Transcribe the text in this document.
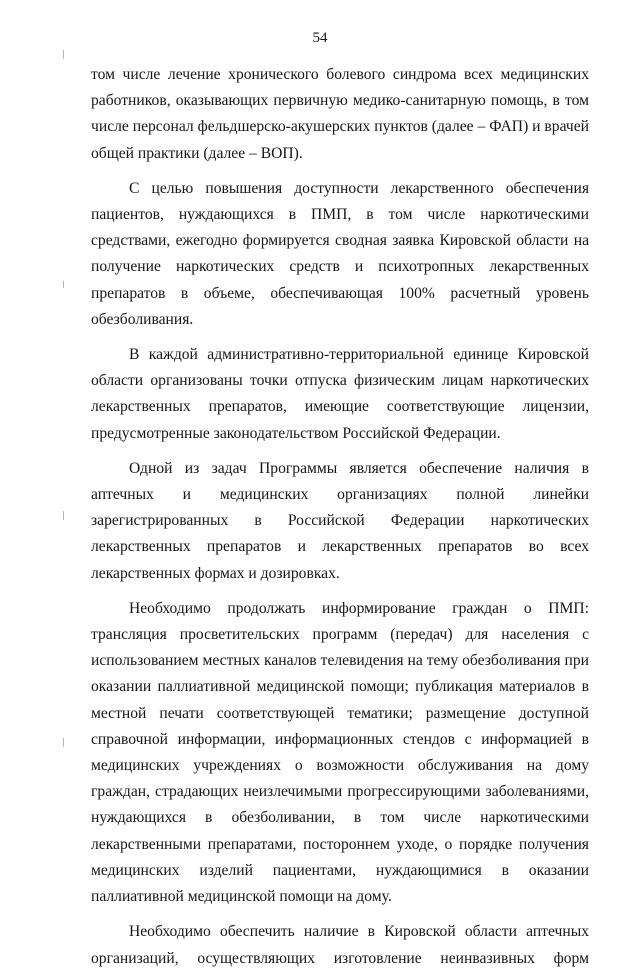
54

том числе лечение хронического болевого синдрома всех медицинских работников, оказывающих первичную медико-санитарную помощь, в том числе персонал фельдшерско-акушерских пунктов (далее – ФАП) и врачей общей практики (далее – ВОП).

С целью повышения доступности лекарственного обеспечения пациентов, нуждающихся в ПМП, в том числе наркотическими средствами, ежегодно формируется сводная заявка Кировской области на получение наркотических средств и психотропных лекарственных препаратов в объеме, обеспечивающая 100% расчетный уровень обезболивания.

В каждой административно-территориальной единице Кировской области организованы точки отпуска физическим лицам наркотических лекарственных препаратов, имеющие соответствующие лицензии, предусмотренные законодательством Российской Федерации.

Одной из задач Программы является обеспечение наличия в аптечных и медицинских организациях полной линейки зарегистрированных в Российской Федерации наркотических лекарственных препаратов и лекарственных препаратов во всех лекарственных формах и дозировках.

Необходимо продолжать информирование граждан о ПМП: трансляция просветительских программ (передач) для населения с использованием местных каналов телевидения на тему обезболивания при оказании паллиативной медицинской помощи; публикация материалов в местной печати соответствующей тематики; размещение доступной справочной информации, информационных стендов с информацией в медицинских учреждениях о возможности обслуживания на дому граждан, страдающих неизлечимыми прогрессирующими заболеваниями, нуждающихся в обезболивании, в том числе наркотическими лекарственными препаратами, постороннем уходе, о порядке получения медицинских изделий пациентами, нуждающимися в оказании паллиативной медицинской помощи на дому.

Необходимо обеспечить наличие в Кировской области аптечных организаций, осуществляющих изготовление неинвазивных форм
